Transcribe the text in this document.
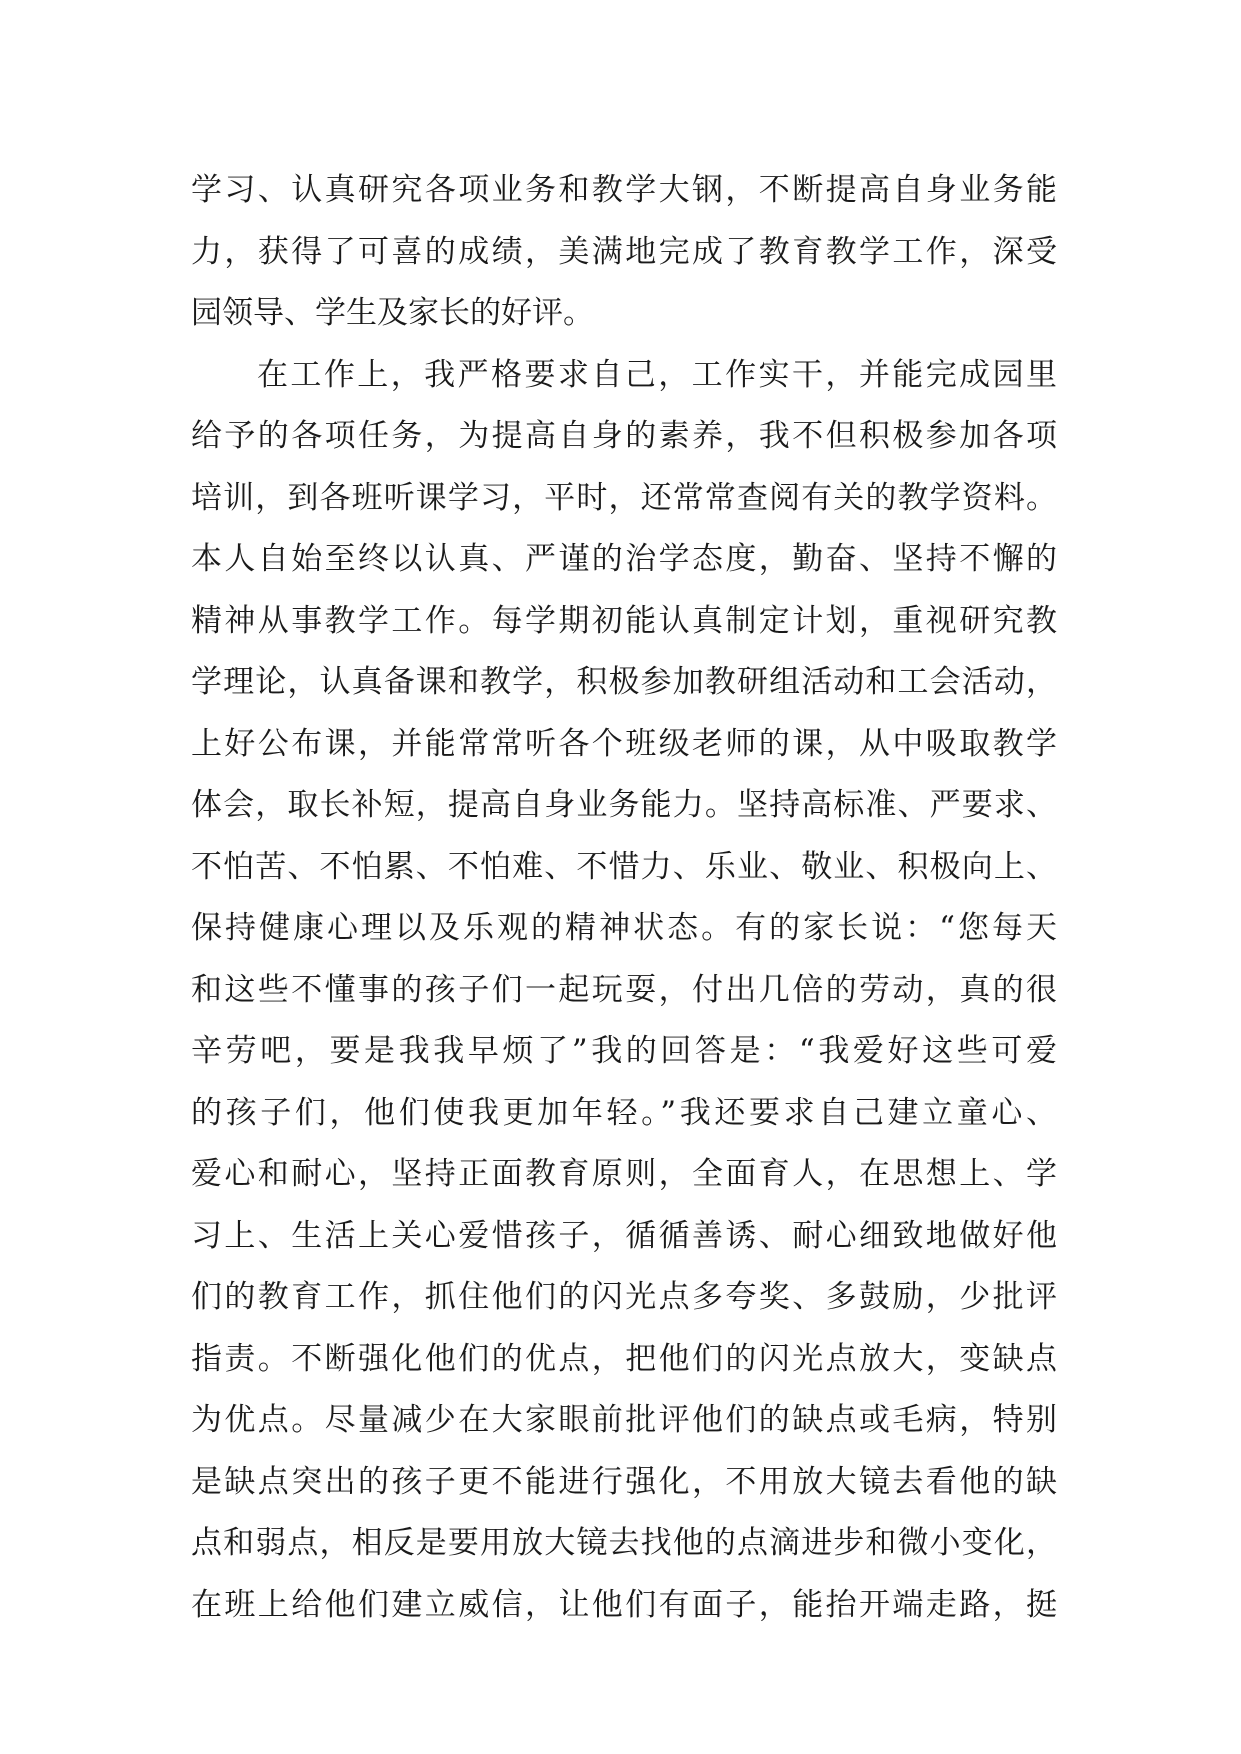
学习、认真研究各项业务和教学大钢，不断提高自身业务能
力，获得了可喜的成绩，美满地完成了教育教学工作，深受
园领导、学生及家长的好评。
在工作上，我严格要求自己，工作实干，并能完成园里
给予的各项任务，为提高自身的素养，我不但积极参加各项
培训，到各班听课学习，平时，还常常查阅有关的教学资料。
本人自始至终以认真、严谨的治学态度，勤奋、坚持不懈的
精神从事教学工作。每学期初能认真制定计划，重视研究教
学理论，认真备课和教学，积极参加教研组活动和工会活动，
上好公布课，并能常常听各个班级老师的课，从中吸取教学
体会，取长补短，提高自身业务能力。坚持高标准、严要求、
不怕苦、不怕累、不怕难、不惜力、乐业、敬业、积极向上、
保持健康心理以及乐观的精神状态。有的家长说：“您每天
和这些不懂事的孩子们一起玩耍，付出几倍的劳动，真的很
辛劳吧，要是我我早烦了”我的回答是：“我爱好这些可爱
的孩子们，他们使我更加年轻。”我还要求自己建立童心、
爱心和耐心，坚持正面教育原则，全面育人，在思想上、学
习上、生活上关心爱惜孩子，循循善诱、耐心细致地做好他
们的教育工作，抓住他们的闪光点多夸奖、多鼓励，少批评
指责。不断强化他们的优点，把他们的闪光点放大，变缺点
为优点。尽量减少在大家眼前批评他们的缺点或毛病，特别
是缺点突出的孩子更不能进行强化，不用放大镜去看他的缺
点和弱点，相反是要用放大镜去找他的点滴进步和微小变化，
在班上给他们建立威信，让他们有面子，能抬开端走路，挺
